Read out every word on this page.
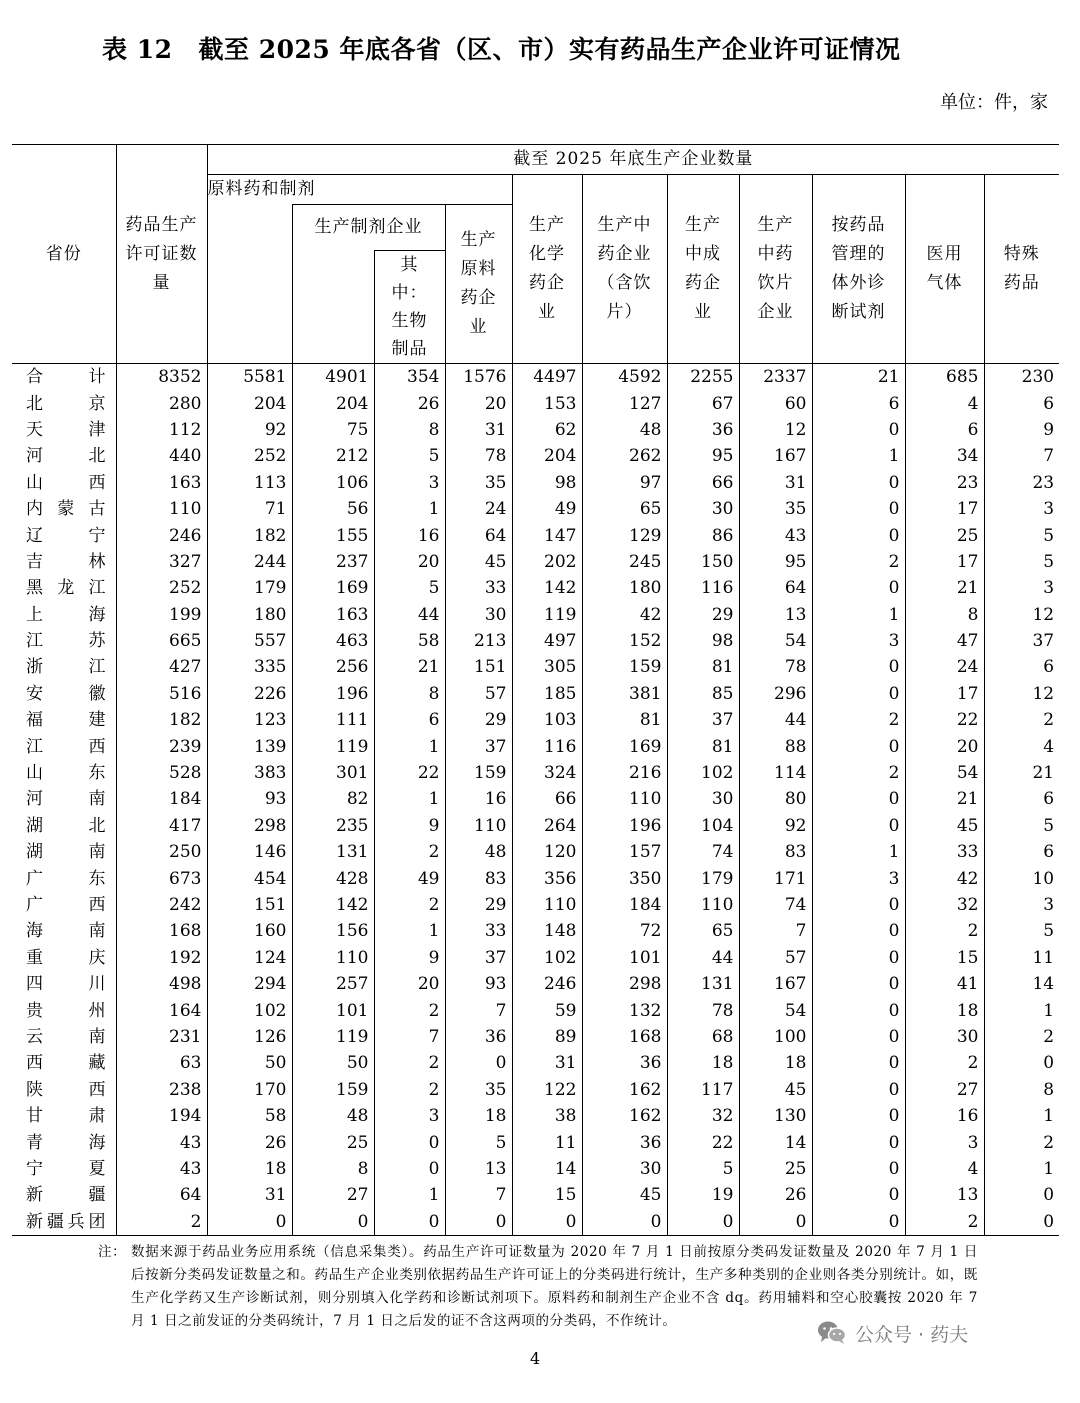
表 12 截至 2025 年底各省（区、市）实有药品生产企业许可证情况
单位：件，家
省份	药品生产许可证数量	截至 2025 年底生产企业数量										
		原料药和制剂				生产化学药企业	生产中药企业（含饮片）	生产中成药企业	生产中药饮片企业	按药品管理的体外诊断试剂	医用气体	特殊药品

			生产制剂企业		生产原料药企业							

				其中：生物制品								

合计	8352	5581	4901	354	1576	4497	4592	2255	2337	21	685	230
北京	280	204	204	26	20	153	127	67	60	6	4	6
天津	112	92	75	8	31	62	48	36	12	0	6	9
河北	440	252	212	5	78	204	262	95	167	1	34	7
山西	163	113	106	3	35	98	97	66	31	0	23	23
内蒙古	110	71	56	1	24	49	65	30	35	0	17	3
辽宁	246	182	155	16	64	147	129	86	43	0	25	5
吉林	327	244	237	20	45	202	245	150	95	2	17	5
黑龙江	252	179	169	5	33	142	180	116	64	0	21	3
上海	199	180	163	44	30	119	42	29	13	1	8	12
江苏	665	557	463	58	213	497	152	98	54	3	47	37
浙江	427	335	256	21	151	305	159	81	78	0	24	6
安徽	516	226	196	8	57	185	381	85	296	0	17	12
福建	182	123	111	6	29	103	81	37	44	2	22	2
江西	239	139	119	1	37	116	169	81	88	0	20	4
山东	528	383	301	22	159	324	216	102	114	2	54	21
河南	184	93	82	1	16	66	110	30	80	0	21	6
湖北	417	298	235	9	110	264	196	104	92	0	45	5
湖南	250	146	131	2	48	120	157	74	83	1	33	6
广东	673	454	428	49	83	356	350	179	171	3	42	10
广西	242	151	142	2	29	110	184	110	74	0	32	3
海南	168	160	156	1	33	148	72	65	7	0	2	5
重庆	192	124	110	9	37	102	101	44	57	0	15	11
四川	498	294	257	20	93	246	298	131	167	0	41	14
贵州	164	102	101	2	7	59	132	78	54	0	18	1
云南	231	126	119	7	36	89	168	68	100	0	30	2
西藏	63	50	50	2	0	31	36	18	18	0	2	0
陕西	238	170	159	2	35	122	162	117	45	0	27	8
甘肃	194	58	48	3	18	38	162	32	130	0	16	1
青海	43	26	25	0	5	11	36	22	14	0	3	2
宁夏	43	18	8	0	13	14	30	5	25	0	4	1
新疆	64	31	27	1	7	15	45	19	26	0	13	0
新疆兵团	2	0	0	0	0	0	0	0	0	0	2	0
注： 数据来源于药品业务应用系统（信息采集类）。药品生产许可证数量为 2020 年 7 月 1 日前按原分类码发证数量及 2020 年 7 月 1 日后按新分类码发证数量之和。药品生产企业类别依据药品生产许可证上的分类码进行统计，生产多种类别的企业则各类分别统计。如，既生产化学药又生产诊断试剂，则分别填入化学药和诊断试剂项下。原料药和制剂生产企业不含 dq。药用辅料和空心胶囊按 2020 年 7 月 1 日之前发证的分类码统计，7 月 1 日之后发的证不含这两项的分类码，不作统计。
公众号 · 药夫
4
